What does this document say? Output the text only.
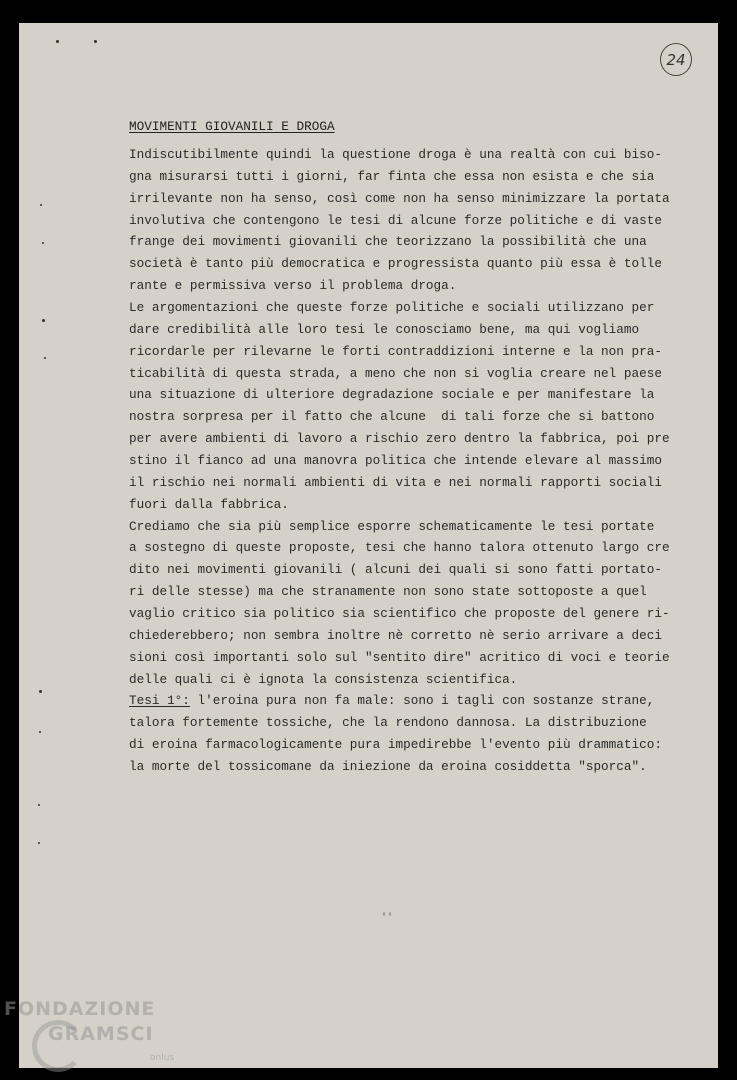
24
MOVIMENTI GIOVANILI E DROGA
Indiscutibilmente quindi la questione droga è una realtà con cui biso-
gna misurarsi tutti i giorni, far finta che essa non esista e che sia
irrilevante non ha senso, così come non ha senso minimizzare la portata
involutiva che contengono le tesi di alcune forze politiche e di vaste
frange dei movimenti giovanili che teorizzano la possibilità che una
società è tanto più democratica e progressista quanto più essa è tolle
rante e permissiva verso il problema droga.
Le argomentazioni che queste forze politiche e sociali utilizzano per
dare credibilità alle loro tesi le conosciamo bene, ma qui vogliamo
ricordarle per rilevarne le forti contraddizioni interne e la non pra-
ticabilità di questa strada, a meno che non si voglia creare nel paese
una situazione di ulteriore degradazione sociale e per manifestare la
nostra sorpresa per il fatto che alcune  di tali forze che si battono
per avere ambienti di lavoro a rischio zero dentro la fabbrica, poi pre
stino il fianco ad una manovra politica che intende elevare al massimo
il rischio nei normali ambienti di vita e nei normali rapporti sociali
fuori dalla fabbrica.
Crediamo che sia più semplice esporre schematicamente le tesi portate
a sostegno di queste proposte, tesi che hanno talora ottenuto largo cre
dito nei movimenti giovanili ( alcuni dei quali si sono fatti portato-
ri delle stesse) ma che stranamente non sono state sottoposte a quel
vaglio critico sia politico sia scientifico che proposte del genere ri-
chiederebbero; non sembra inoltre nè corretto nè serio arrivare a deci
sioni così importanti solo sul "sentito dire" acritico di voci e teorie
delle quali ci è ignota la consistenza scientifica.
Tesi 1°: l'eroina pura non fa male: sono i tagli con sostanze strane,
talora fortemente tossiche, che la rendono dannosa. La distribuzione
di eroina farmacologicamente pura impedirebbe l'evento più drammatico:
la morte del tossicomane da iniezione da eroina cosiddetta "sporca".
''
FONDAZIONE
GRAMSCI
onlus
